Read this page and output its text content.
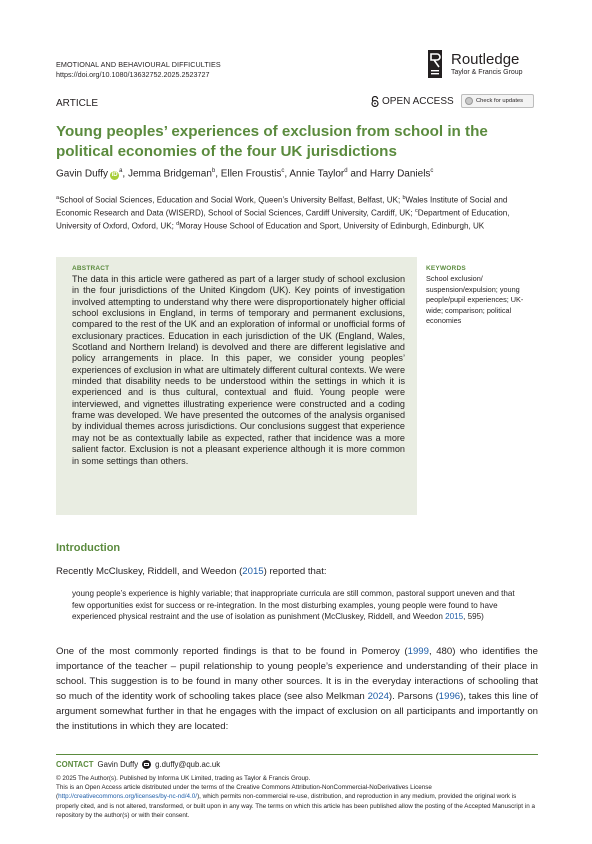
EMOTIONAL AND BEHAVIOURAL DIFFICULTIES
https://doi.org/10.1080/13632752.2025.2523727
Routledge
Taylor & Francis Group
ARTICLE	OPEN ACCESS	Check for updates
Young peoples’ experiences of exclusion from school in the political economies of the four UK jurisdictions
Gavin Duffy $iD^a$, Jemma Bridgeman$^b$, Ellen Froustis$^c$, Annie Taylor$^d$ and Harry Daniels$^c$
$^a$School of Social Sciences, Education and Social Work, Queen’s University Belfast, Belfast, UK; $^b$Wales Institute of Social and Economic Research and Data (WISERD), School of Social Sciences, Cardiff University, Cardiff, UK; $^c$Department of Education, University of Oxford, Oxford, UK; $^d$Moray House School of Education and Sport, University of Edinburgh, Edinburgh, UK
ABSTRACT
The data in this article were gathered as part of a larger study of school exclusion in the four jurisdictions of the United Kingdom (UK). Key points of investigation involved attempting to understand why there were disproportionately higher official school exclusions in England, in terms of temporary and permanent exclusions, compared to the rest of the UK and an exploration of informal or unofficial forms of exclusionary practices. Education in each jurisdiction of the UK (England, Wales, Scotland and Northern Ireland) is devolved and there are different legislative and policy arrangements in place. In this paper, we consider young peoples’ experiences of exclusion in what are ultimately different cultural contexts. We were minded that disability needs to be understood within the settings in which it is experienced and is thus cultural, contextual and fluid. Young people were interviewed, and vignettes illustrating experience were constructed and a coding frame was developed. We have presented the outcomes of the analysis organised by individual themes across jurisdictions. Our conclusions suggest that experience may not be as contextually labile as expected, rather that incidence was a more salient factor. Exclusion is not a pleasant experience although it is more common in some settings than others.
KEYWORDS
School exclusion/ suspension/expulsion; young people/pupil experiences; UK-wide; comparison; political economies
Introduction
Recently McCluskey, Riddell, and Weedon (2015) reported that:
young people’s experience is highly variable; that inappropriate curricula are still common, pastoral support uneven and that few opportunities exist for success or re-integration. In the most disturbing examples, young people were found to have experienced physical restraint and the use of isolation as punishment (McCluskey, Riddell, and Weedon 2015, 595)
One of the most commonly reported findings is that to be found in Pomeroy (1999, 480) who identifies the importance of the teacher – pupil relationship to young people’s experience and understanding of their place in school. This suggestion is to be found in many other sources. It is in the everyday interactions of schooling that so much of the identity work of schooling takes place (see also Melkman 2024). Parsons (1996), takes this line of argument somewhat further in that he engages with the impact of exclusion on all participants and importantly on the institutions in which they are located:
CONTACT Gavin Duffy g.duffy@qub.ac.uk
© 2025 The Author(s). Published by Informa UK Limited, trading as Taylor & Francis Group.
This is an Open Access article distributed under the terms of the Creative Commons Attribution-NonCommercial-NoDerivatives License (http://creativecommons.org/licenses/by-nc-nd/4.0/), which permits non-commercial re-use, distribution, and reproduction in any medium, provided the original work is properly cited, and is not altered, transformed, or built upon in any way. The terms on which this article has been published allow the posting of the Accepted Manuscript in a repository by the author(s) or with their consent.
